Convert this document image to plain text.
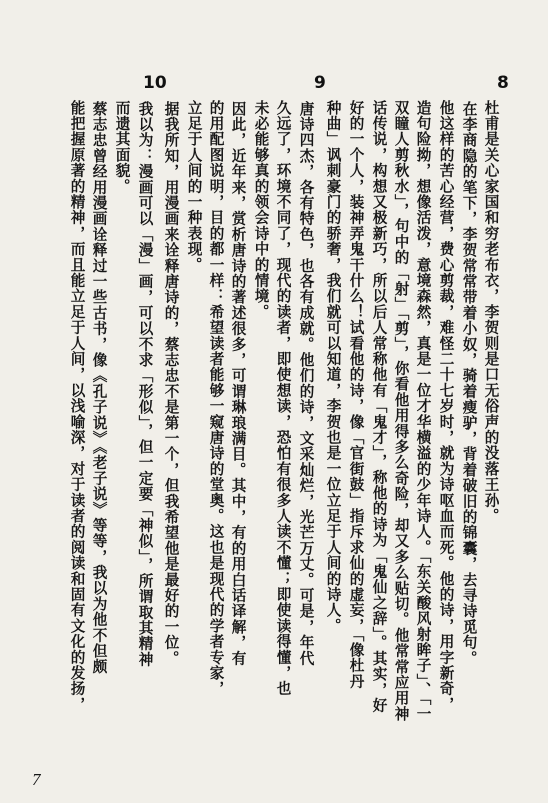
8
9
10
杜甫是关心家国和穷老布衣，李贺则是口无俗声的没落王孙。
在李商隐的笔下，李贺常常带着小奴，骑着瘦驴，背着破旧的锦囊，去寻诗觅句。
他这样的苦心经营，费心剪裁，难怪二十七岁时，就为诗呕血而死。他的诗，用字新奇，
造句险拗，想像活泼，意境森然，真是一位才华横溢的少年诗人。「东关酸风射眸子」、「一
双瞳人剪秋水」，句中的「射」「剪」，你看他用得多么奇险，却又多么贴切。他常常应用神
话传说，构想又极新巧，所以后人常称他有「鬼才」，称他的诗为「鬼仙之辞」。其实，好
好的一个人，装神弄鬼干什么！试看他的诗，像「官街鼓」指斥求仙的虚妄，「像杜丹
种曲」讽刺豪门的骄奢，我们就可以知道，李贺也是一位立足于人间的诗人。
唐诗四杰，各有特色，也各有成就。他们的诗，文采灿烂，光芒万丈。可是，年代
久远了，环境不同了，现代的读者，即使想读，恐怕有很多人读不懂；即使读得懂，也
未必能够真的领会诗中的情境。
因此，近年来，赏析唐诗的著述很多，可谓琳琅满目。其中，有的用白话译解，有
的用配图说明，目的都一样：希望读者能够一窥唐诗的堂奥。这也是现代的学者专家，
立足于人间的一种表现。
据我所知，用漫画来诠释唐诗的，蔡志忠不是第一个，但我希望他是最好的一位。
我以为：漫画可以「漫」画，可以不求「形似」，但一定要「神似」，所谓取其精神
而遗其面貌。
蔡志忠曾经用漫画诠释过一些古书，像《孔子说》《老子说》等等，我以为他不但颇
能把握原著的精神，而且能立足于人间，以浅喻深，对于读者的阅读和固有文化的发扬，
7
